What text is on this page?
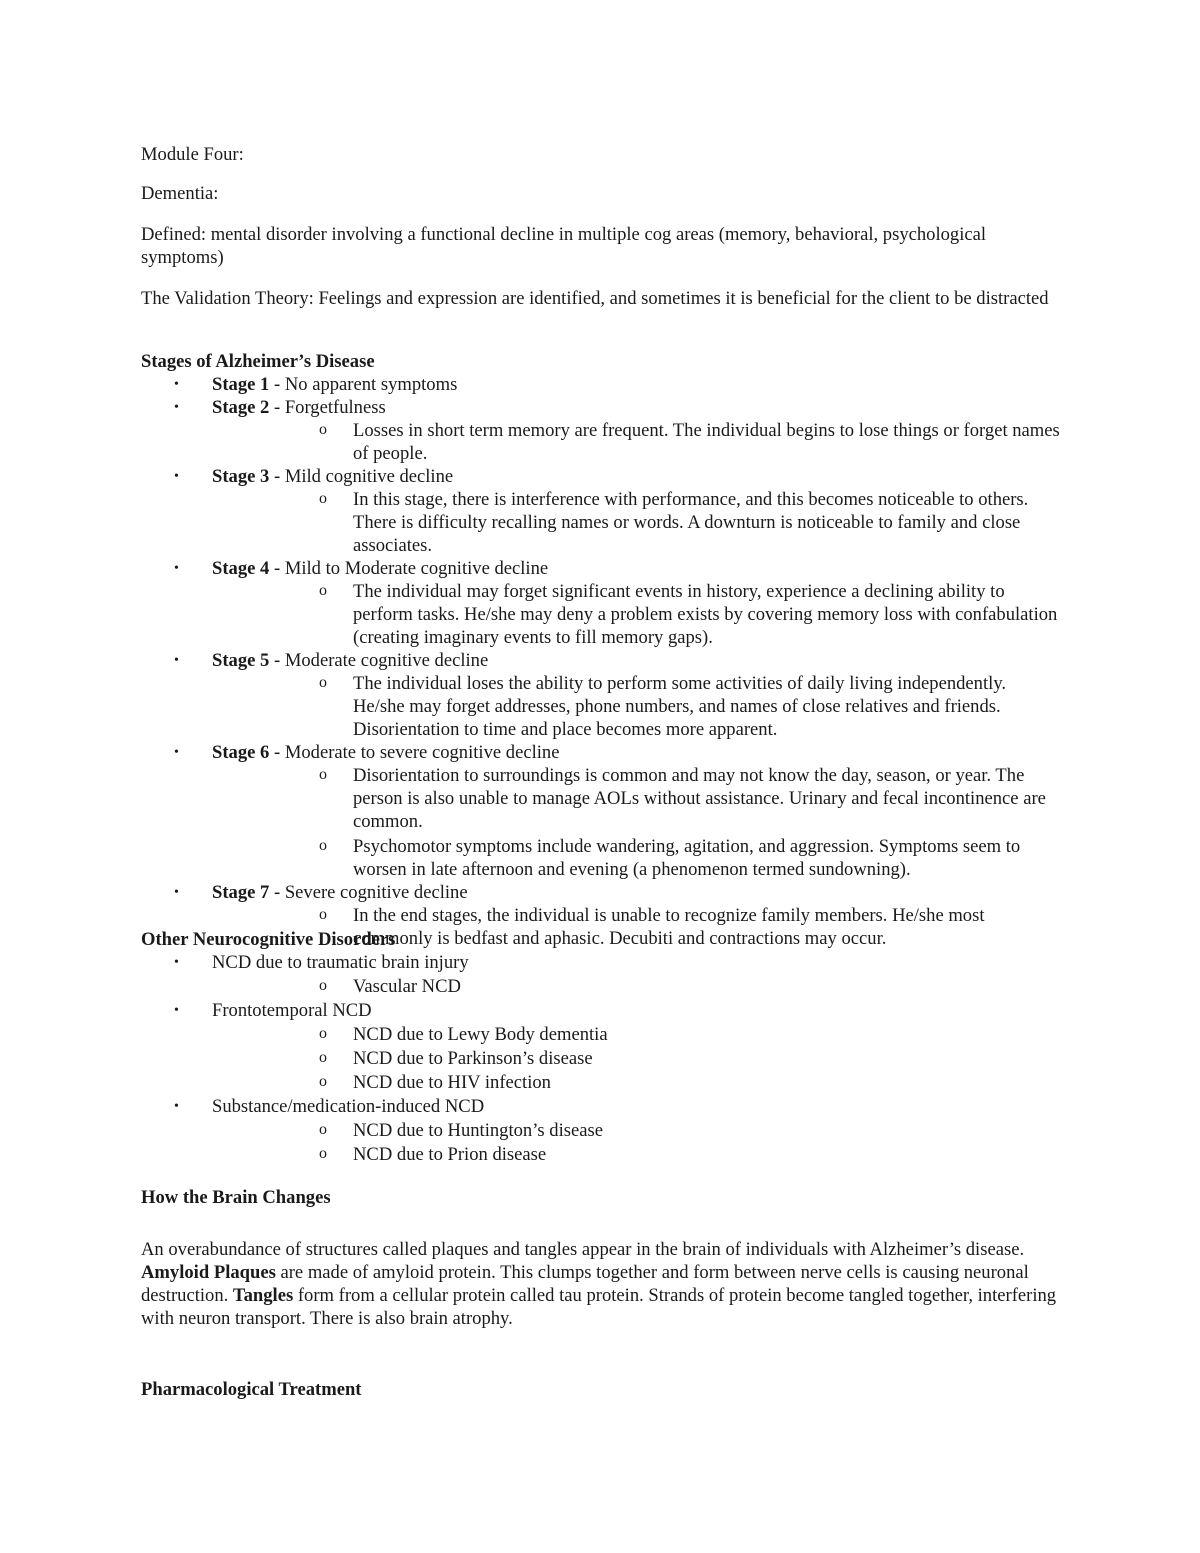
Module Four:

Dementia:

Defined: mental disorder involving a functional decline in multiple cog areas (memory, behavioral, psychological symptoms)

The Validation Theory: Feelings and expression are identified, and sometimes it is beneficial for the client to be distracted

Stages of Alzheimer’s Disease

• Stage 1 - No apparent symptoms
• Stage 2 - Forgetfulness
o Losses in short term memory are frequent. The individual begins to lose things or forget names of people.
• Stage 3 - Mild cognitive decline
o In this stage, there is interference with performance, and this becomes noticeable to others. There is difficulty recalling names or words. A downturn is noticeable to family and close associates.
• Stage 4 - Mild to Moderate cognitive decline
o The individual may forget significant events in history, experience a declining ability to perform tasks. He/she may deny a problem exists by covering memory loss with confabulation (creating imaginary events to fill memory gaps).
• Stage 5 - Moderate cognitive decline
o The individual loses the ability to perform some activities of daily living independently. He/she may forget addresses, phone numbers, and names of close relatives and friends. Disorientation to time and place becomes more apparent.
• Stage 6 - Moderate to severe cognitive decline
o Disorientation to surroundings is common and may not know the day, season, or year. The person is also unable to manage AOLs without assistance. Urinary and fecal incontinence are common.
o Psychomotor symptoms include wandering, agitation, and aggression. Symptoms seem to worsen in late afternoon and evening (a phenomenon termed sundowning).
• Stage 7 - Severe cognitive decline
o In the end stages, the individual is unable to recognize family members. He/she most commonly is bedfast and aphasic. Decubiti and contractions may occur.

Other Neurocognitive Disorders

• NCD due to traumatic brain injury
o Vascular NCD
• Frontotemporal NCD
o NCD due to Lewy Body dementia
o NCD due to Parkinson’s disease
o NCD due to HIV infection
• Substance/medication-induced NCD
o NCD due to Huntington’s disease
o NCD due to Prion disease

How the Brain Changes

An overabundance of structures called plaques and tangles appear in the brain of individuals with Alzheimer’s disease. Amyloid Plaques are made of amyloid protein. This clumps together and form between nerve cells is causing neuronal destruction. Tangles form from a cellular protein called tau protein. Strands of protein become tangled together, interfering with neuron transport. There is also brain atrophy.

Pharmacological Treatment
